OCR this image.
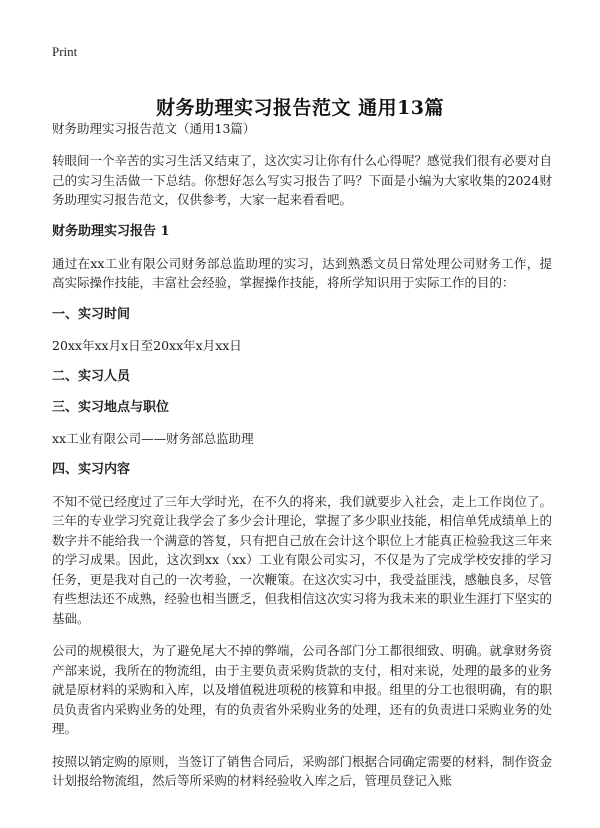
Print
财务助理实习报告范文 通用13篇

财务助理实习报告范文（通用13篇）

转眼间一个辛苦的实习生活又结束了，这次实习让你有什么心得呢？感觉我们很有必要对自己的实习生活做一下总结。你想好怎么写实习报告了吗？下面是小编为大家收集的2024财务助理实习报告范文，仅供参考，大家一起来看看吧。

财务助理实习报告 1

通过在xx工业有限公司财务部总监助理的实习，达到熟悉文员日常处理公司财务工作，提高实际操作技能，丰富社会经验，掌握操作技能，将所学知识用于实际工作的目的：

一、实习时间

20xx年xx月x日至20xx年x月xx日

二、实习人员

三、实习地点与职位

xx工业有限公司——财务部总监助理

四、实习内容

不知不觉已经度过了三年大学时光，在不久的将来，我们就要步入社会，走上工作岗位了。三年的专业学习究竟让我学会了多少会计理论，掌握了多少职业技能，相信单凭成绩单上的数字并不能给我一个满意的答复，只有把自己放在会计这个职位上才能真正检验我这三年来的学习成果。因此，这次到xx（xx）工业有限公司实习，不仅是为了完成学校安排的学习任务，更是我对自己的一次考验，一次鞭策。在这次实习中，我受益匪浅，感触良多，尽管有些想法还不成熟，经验也相当匮乏，但我相信这次实习将为我未来的职业生涯打下坚实的基础。

公司的规模很大，为了避免尾大不掉的弊端，公司各部门分工都很细致、明确。就拿财务资产部来说，我所在的物流组，由于主要负责采购货款的支付，相对来说，处理的最多的业务就是原材料的采购和入库，以及增值税进项税的核算和申报。组里的分工也很明确，有的职员负责省内采购业务的处理，有的负责省外采购业务的处理，还有的负责进口采购业务的处理。

按照以销定购的原则，当签订了销售合同后，采购部门根据合同确定需要的材料，制作资金计划报给物流组，然后等所采购的材料经验收入库之后，管理员登记入账
